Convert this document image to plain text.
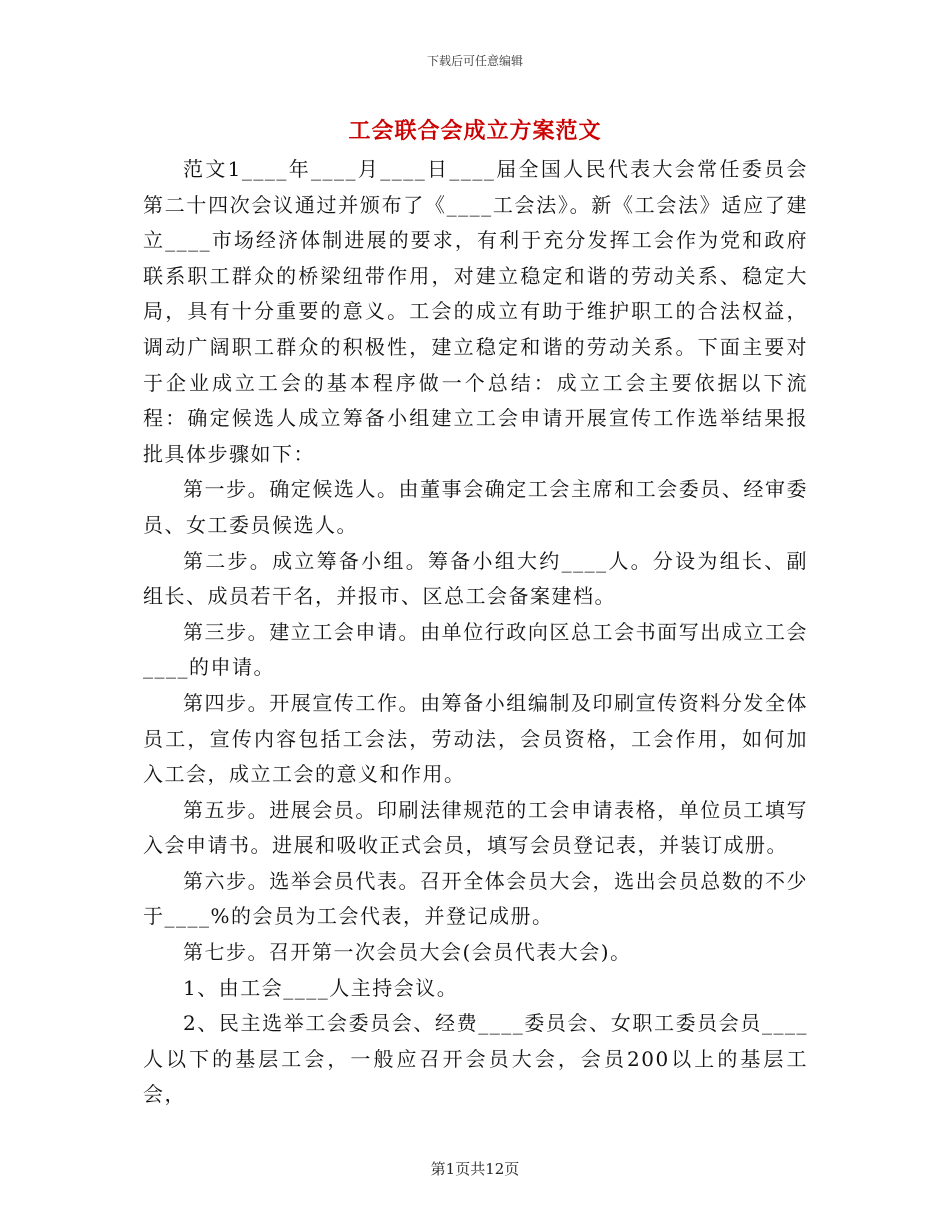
下载后可任意编辑
工会联合会成立方案范文

范文1____年____月____日____届全国人民代表大会常任委员会第二十四次会议通过并颁布了《____工会法》。新《工会法》适应了建立____市场经济体制进展的要求，有利于充分发挥工会作为党和政府联系职工群众的桥梁纽带作用，对建立稳定和谐的劳动关系、稳定大局，具有十分重要的意义。工会的成立有助于维护职工的合法权益，调动广阔职工群众的积极性，建立稳定和谐的劳动关系。下面主要对于企业成立工会的基本程序做一个总结：成立工会主要依据以下流程：确定候选人成立筹备小组建立工会申请开展宣传工作选举结果报批具体步骤如下：

第一步。确定候选人。由董事会确定工会主席和工会委员、经审委员、女工委员候选人。

第二步。成立筹备小组。筹备小组大约____人。分设为组长、副组长、成员若干名，并报市、区总工会备案建档。

第三步。建立工会申请。由单位行政向区总工会书面写出成立工会____的申请。

第四步。开展宣传工作。由筹备小组编制及印刷宣传资料分发全体员工，宣传内容包括工会法，劳动法，会员资格，工会作用，如何加入工会，成立工会的意义和作用。

第五步。进展会员。印刷法律规范的工会申请表格，单位员工填写入会申请书。进展和吸收正式会员，填写会员登记表，并装订成册。

第六步。选举会员代表。召开全体会员大会，选出会员总数的不少于____%的会员为工会代表，并登记成册。

第七步。召开第一次会员大会(会员代表大会)。

1、由工会____人主持会议。

2、民主选举工会委员会、经费____委员会、女职工委员会员____人以下的基层工会，一般应召开会员大会，会员200以上的基层工会，

第1页共12页
